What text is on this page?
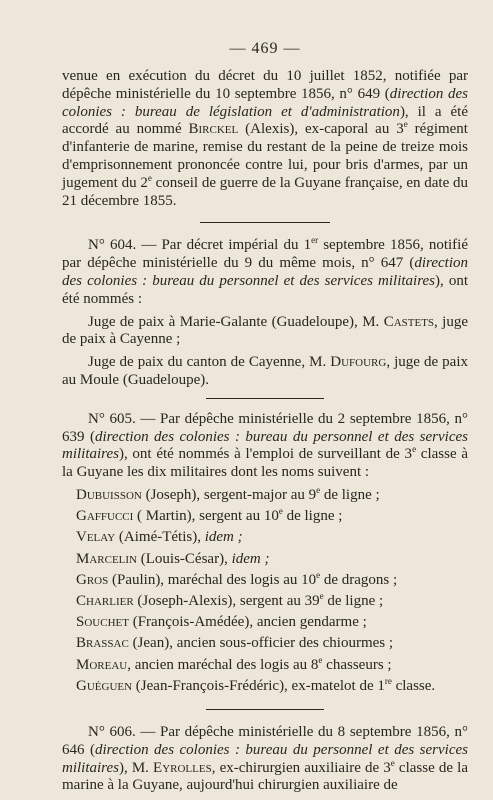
— 469 —

venue en exécution du décret du 10 juillet 1852, notifiée par dépêche ministérielle du 10 septembre 1856, n° 649 (direction des colonies : bureau de législation et d'administration), il a été accordé au nommé Birckel (Alexis), ex-caporal au 3e régiment d'infanterie de marine, remise du restant de la peine de treize mois d'emprisonnement prononcée contre lui, pour bris d'armes, par un jugement du 2e conseil de guerre de la Guyane française, en date du 21 décembre 1855.

N° 604. — Par décret impérial du 1er septembre 1856, notifié par dépêche ministérielle du 9 du même mois, n° 647 (direction des colonies : bureau du personnel et des services militaires), ont été nommés :

Juge de paix à Marie-Galante (Guadeloupe), M. Castets, juge de paix à Cayenne ;

Juge de paix du canton de Cayenne, M. Dufourg, juge de paix au Moule (Guadeloupe).

N° 605. — Par dépêche ministérielle du 2 septembre 1856, n° 639 (direction des colonies : bureau du personnel et des services militaires), ont été nommés à l'emploi de surveillant de 3e classe à la Guyane les dix militaires dont les noms suivent :

Dubuisson (Joseph), sergent-major au 9e de ligne ;
Gaffucci ( Martin), sergent au 10e de ligne ;
Velay (Aimé-Tétis), idem ;
Marcelin (Louis-César), idem ;
Gros (Paulin), maréchal des logis au 10e de dragons ;
Charlier (Joseph-Alexis), sergent au 39e de ligne ;
Souchet (François-Amédée), ancien gendarme ;
Brassac (Jean), ancien sous-officier des chiourmes ;
Moreau, ancien maréchal des logis au 8e chasseurs ;
Guéguen (Jean-François-Frédéric), ex-matelot de 1re classe.

N° 606. — Par dépêche ministérielle du 8 septembre 1856, n° 646 (direction des colonies : bureau du personnel et des services militaires), M. Eyrolles, ex-chirurgien auxiliaire de 3e classe de la marine à la Guyane, aujourd'hui chirurgien auxiliaire de
